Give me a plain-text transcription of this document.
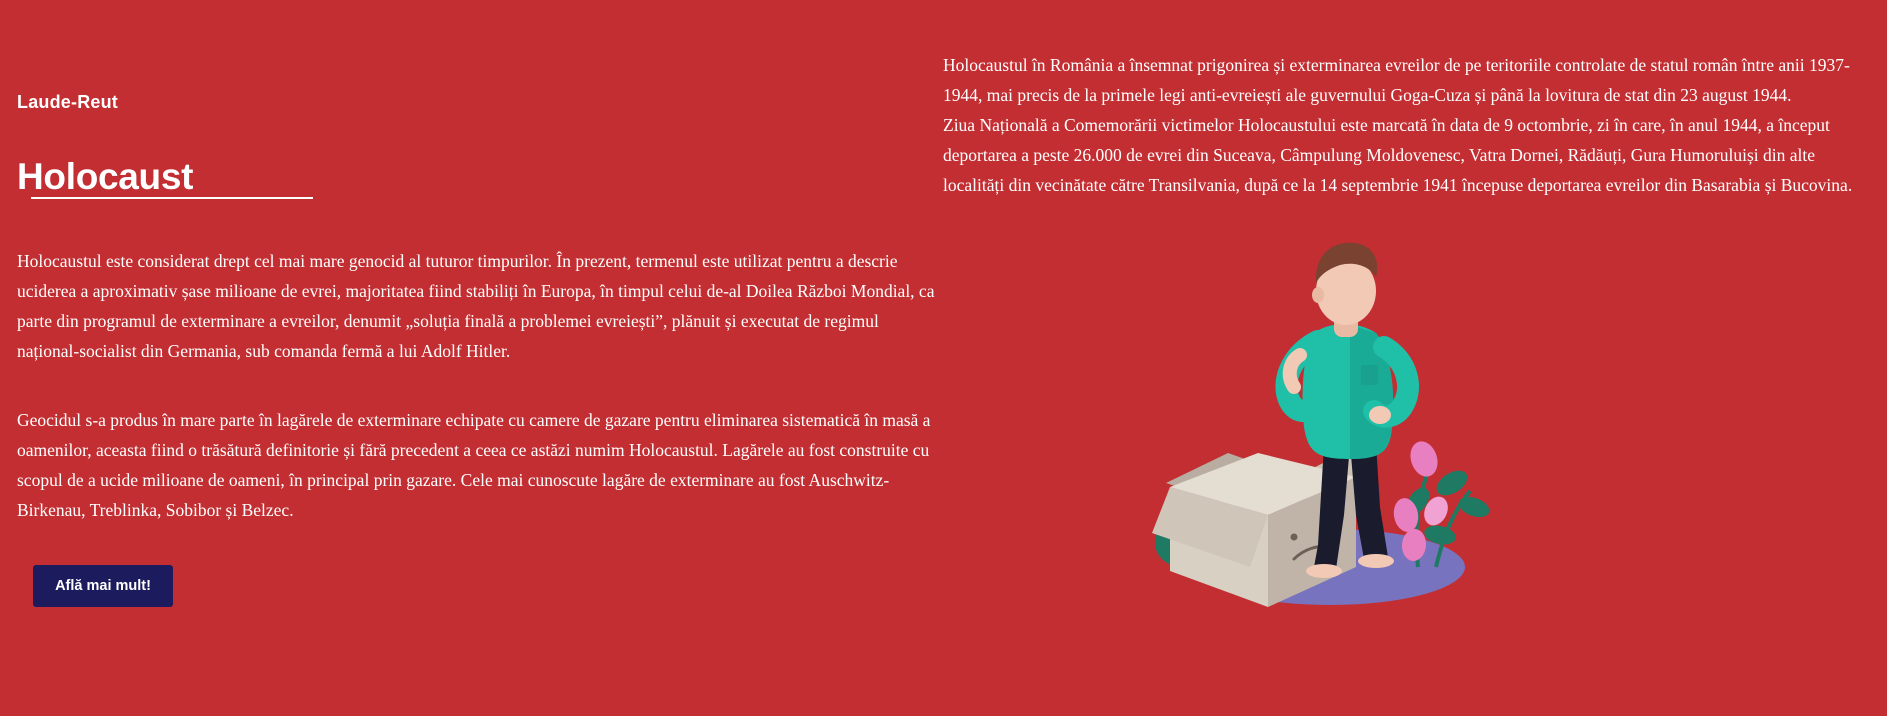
Laude-Reut
Holocaust

Holocaustul este considerat drept cel mai mare genocid al tuturor timpurilor. În prezent, termenul este utilizat pentru a descrie uciderea a aproximativ șase milioane de evrei, majoritatea fiind stabiliți în Europa, în timpul celui de-al Doilea Război Mondial, ca parte din programul de exterminare a evreilor, denumit „soluția finală a problemei evreiești”, plănuit și executat de regimul național-socialist din Germania, sub comanda fermă a lui Adolf Hitler.

Geocidul s-a produs în mare parte în lagărele de exterminare echipate cu camere de gazare pentru eliminarea sistematică în masă a oamenilor, aceasta fiind o trăsătură definitorie și fără precedent a ceea ce astăzi numim Holocaustul. Lagărele au fost construite cu scopul de a ucide milioane de oameni, în principal prin gazare. Cele mai cunoscute lagăre de exterminare au fost Auschwitz-Birkenau, Treblinka, Sobibor și Belzec.

Află mai mult!
Holocaustul în România a însemnat prigonirea și exterminarea evreilor de pe teritoriile controlate de statul român între anii 1937-1944, mai precis de la primele legi anti-evreiești ale guvernului Goga-Cuza și până la lovitura de stat din 23 august 1944.
Ziua Națională a Comemorării victimelor Holocaustului este marcată în data de 9 octombrie, zi în care, în anul 1944, a început deportarea a peste 26.000 de evrei din Suceava, Câmpulung Moldovenesc, Vatra Dornei, Rădăuți, Gura Humoruluiși din alte localități din vecinătate către Transilvania, după ce la 14 septembrie 1941 începuse deportarea evreilor din Basarabia și Bucovina.
